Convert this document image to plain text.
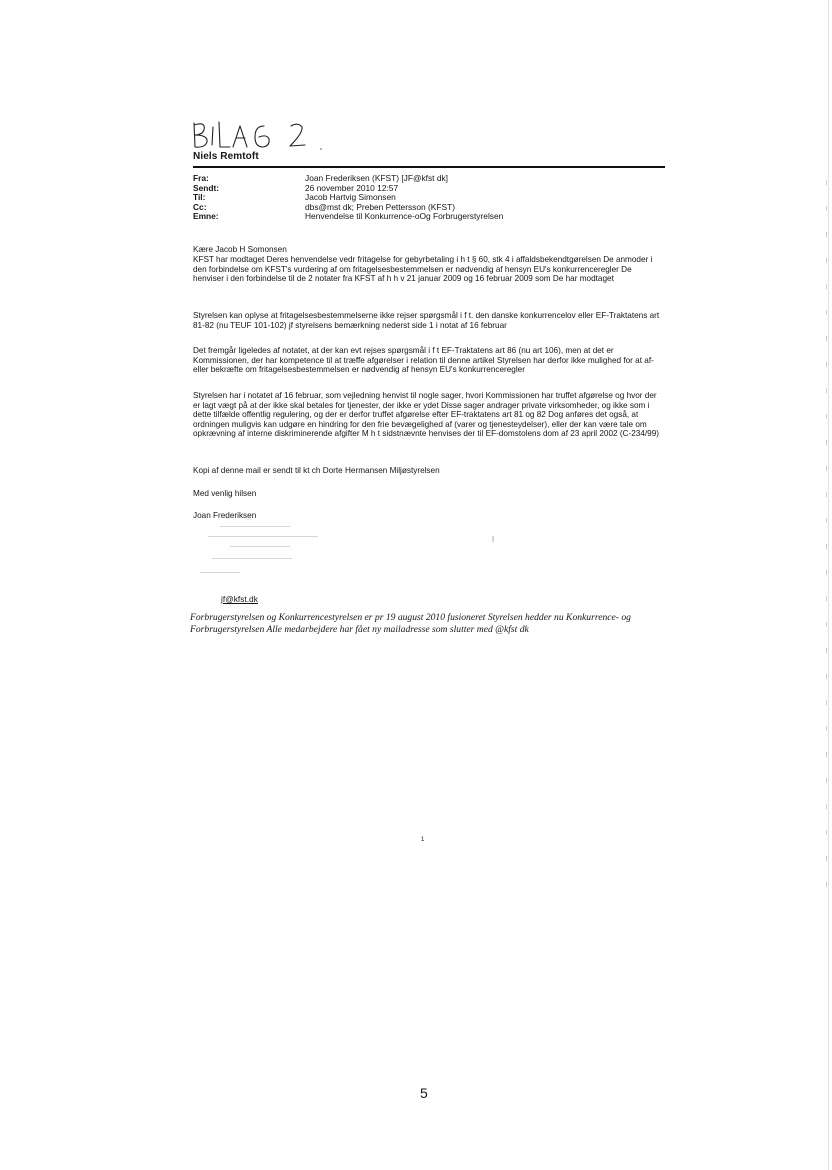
Niels Remtoft
Fra:	Joan Frederiksen (KFST) [JF@kfst dk]
Sendt:	26 november 2010 12:57
Til:	Jacob Hartvig Simonsen
Cc:	dbs@mst dk; Preben Pettersson (KFST)
Emne:	Henvendelse til Konkurrence-oOg Forbrugerstyrelsen
Kære Jacob H Somonsen
KFST har modtaget Deres henvendelse vedr fritagelse for gebyrbetaling i h t § 60, stk 4 i affaldsbekendtgørelsen De anmoder i den forbindelse om KFST's vurdering af om fritagelsesbestemmelsen er nødvendig af hensyn EU's konkurrenceregler De henviser i den forbindelse til de 2 notater fra KFST af h h v 21 januar 2009 og 16 februar 2009 som De har modtaget
Styrelsen kan oplyse at fritagelsesbestemmelserne ikke rejser spørgsmål i f t. den danske konkurrencelov eller EF-Traktatens art 81-82 (nu TEUF 101-102) jf styrelsens bemærkning nederst side 1 i notat af 16 februar
Det fremgår ligeledes af notatet, at der kan evt rejses spørgsmål i f t EF-Traktatens art 86 (nu art 106), men at det er Kommissionen, der har kompetence til at træffe afgørelser i relation til denne artikel Styrelsen har derfor ikke mulighed for at af- eller bekræfte om fritagelsesbestemmelsen er nødvendig af hensyn EU's konkurrenceregler
Styrelsen har i notatet af 16 februar, som vejledning henvist til nogle sager, hvori Kommissionen har truffet afgørelse og hvor der er lagt vægt på at der ikke skal betales for tjenester, der ikke er ydet Disse sager andrager private virksomheder, og ikke som i dette tilfælde offentlig regulering, og der er derfor truffet afgørelse efter EF-traktatens art 81 og 82 Dog anføres det også, at ordningen muligvis kan udgøre en hindring for den frie bevægelighed af (varer og tjenesteydelser), eller der kan være tale om opkrævning af interne diskriminerende afgifter M h t sidstnævnte henvises der til EF-domstolens dom af 23 april 2002 (C-234/99)
Kopi af denne mail er sendt til kt ch Dorte Hermansen Miljøstyrelsen
Med venlig hilsen
Joan Frederiksen
jf@kfst.dk
Forbrugerstyrelsen og Konkurrencestyrelsen er pr 19 august 2010 fusioneret Styrelsen hedder nu Konkurrence- og Forbrugerstyrelsen Alle medarbejdere har fået ny mailadresse som slutter med @kfst dk
1
5
